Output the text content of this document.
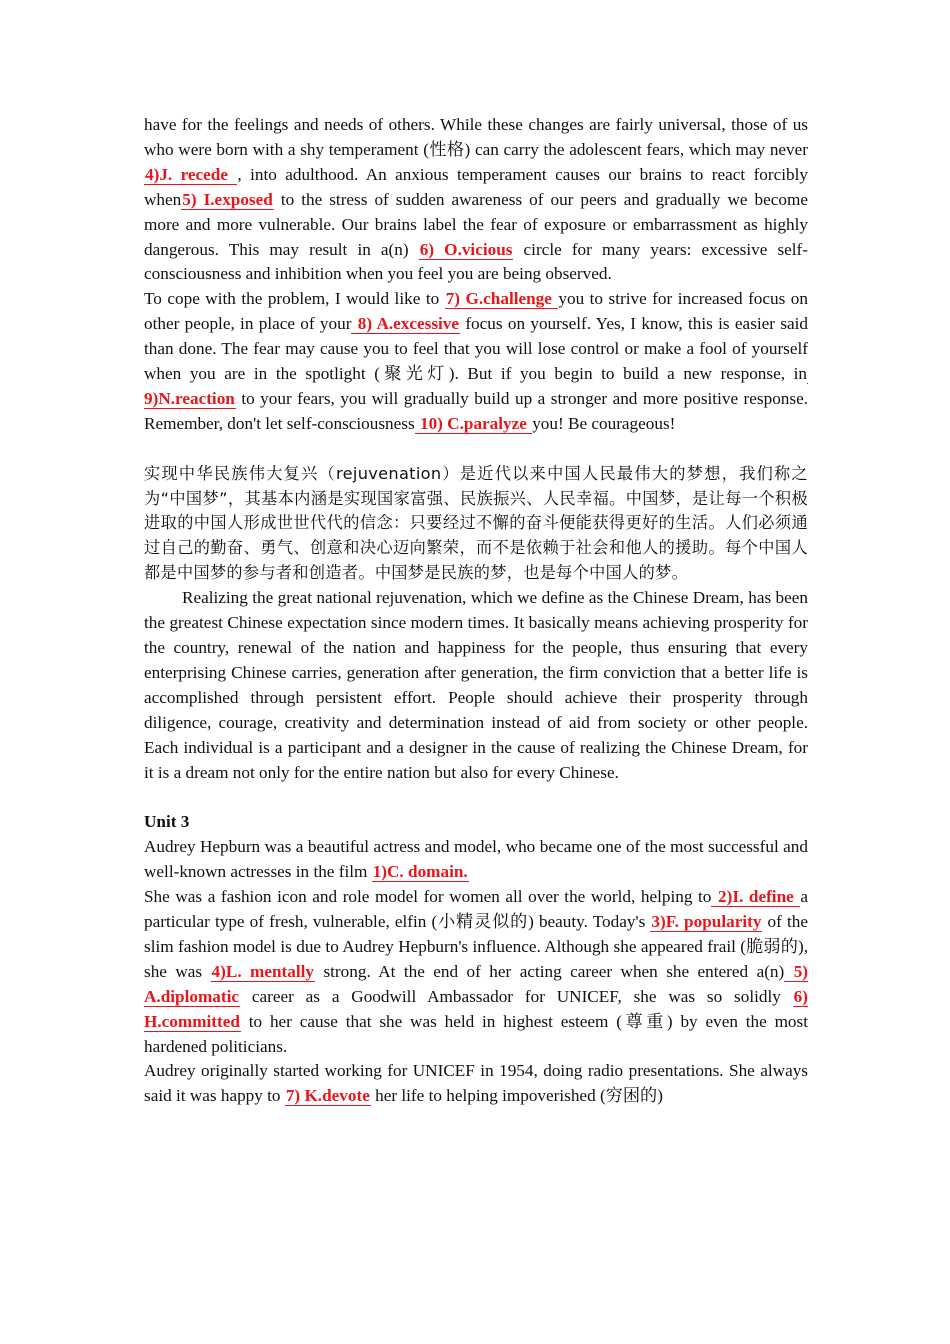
have for the feelings and needs of others. While these changes are fairly universal, those of us who were born with a shy temperament (性格) can carry the adolescent fears, which may never 4)J. recede , into adulthood. An anxious temperament causes our brains to react forcibly when5) I.exposed to the stress of sudden awareness of our peers and gradually we become more and more vulnerable. Our brains label the fear of exposure or embarrassment as highly dangerous. This may result in a(n) 6) O.vicious circle for many years: excessive self-consciousness and inhibition when you feel you are being observed.

To cope with the problem, I would like to 7) G.challenge you to strive for increased focus on other people, in place of your 8) A.excessive focus on yourself. Yes, I know, this is easier said than done. The fear may cause you to feel that you will lose control or make a fool of yourself when you are in the spotlight (聚光灯). But if you begin to build a new response, in 9)N.reaction to your fears, you will gradually build up a stronger and more positive response. Remember, don't let self-consciousness 10) C.paralyze you! Be courageous!

实现中华民族伟大复兴（rejuvenation）是近代以来中国人民最伟大的梦想，我们称之为“中国梦”，其基本内涵是实现国家富强、民族振兴、人民幸福。中国梦，是让每一个积极进取的中国人形成世世代代的信念：只要经过不懈的奋斗便能获得更好的生活。人们必须通过自己的勤奋、勇气、创意和决心迈向繁荣，而不是依赖于社会和他人的援助。每个中国人都是中国梦的参与者和创造者。中国梦是民族的梦，也是每个中国人的梦。

Realizing the great national rejuvenation, which we define as the Chinese Dream, has been the greatest Chinese expectation since modern times. It basically means achieving prosperity for the country, renewal of the nation and happiness for the people, thus ensuring that every enterprising Chinese carries, generation after generation, the firm conviction that a better life is accomplished through persistent effort. People should achieve their prosperity through diligence, courage, creativity and determination instead of aid from society or other people. Each individual is a participant and a designer in the cause of realizing the Chinese Dream, for it is a dream not only for the entire nation but also for every Chinese.

Unit 3

Audrey Hepburn was a beautiful actress and model, who became one of the most successful and well-known actresses in the film 1)C. domain.

She was a fashion icon and role model for women all over the world, helping to 2)I. define a particular type of fresh, vulnerable, elfin (小精灵似的) beauty. Today's 3)F. popularity of the slim fashion model is due to Audrey Hepburn's influence. Although she appeared frail (脆弱的), she was 4)L. mentally strong. At the end of her acting career when she entered a(n) 5) A.diplomatic career as a Goodwill Ambassador for UNICEF, she was so solidly 6) H.committed to her cause that she was held in highest esteem (尊重) by even the most hardened politicians.

Audrey originally started working for UNICEF in 1954, doing radio presentations. She always said it was happy to 7) K.devote her life to helping impoverished (穷困的)
